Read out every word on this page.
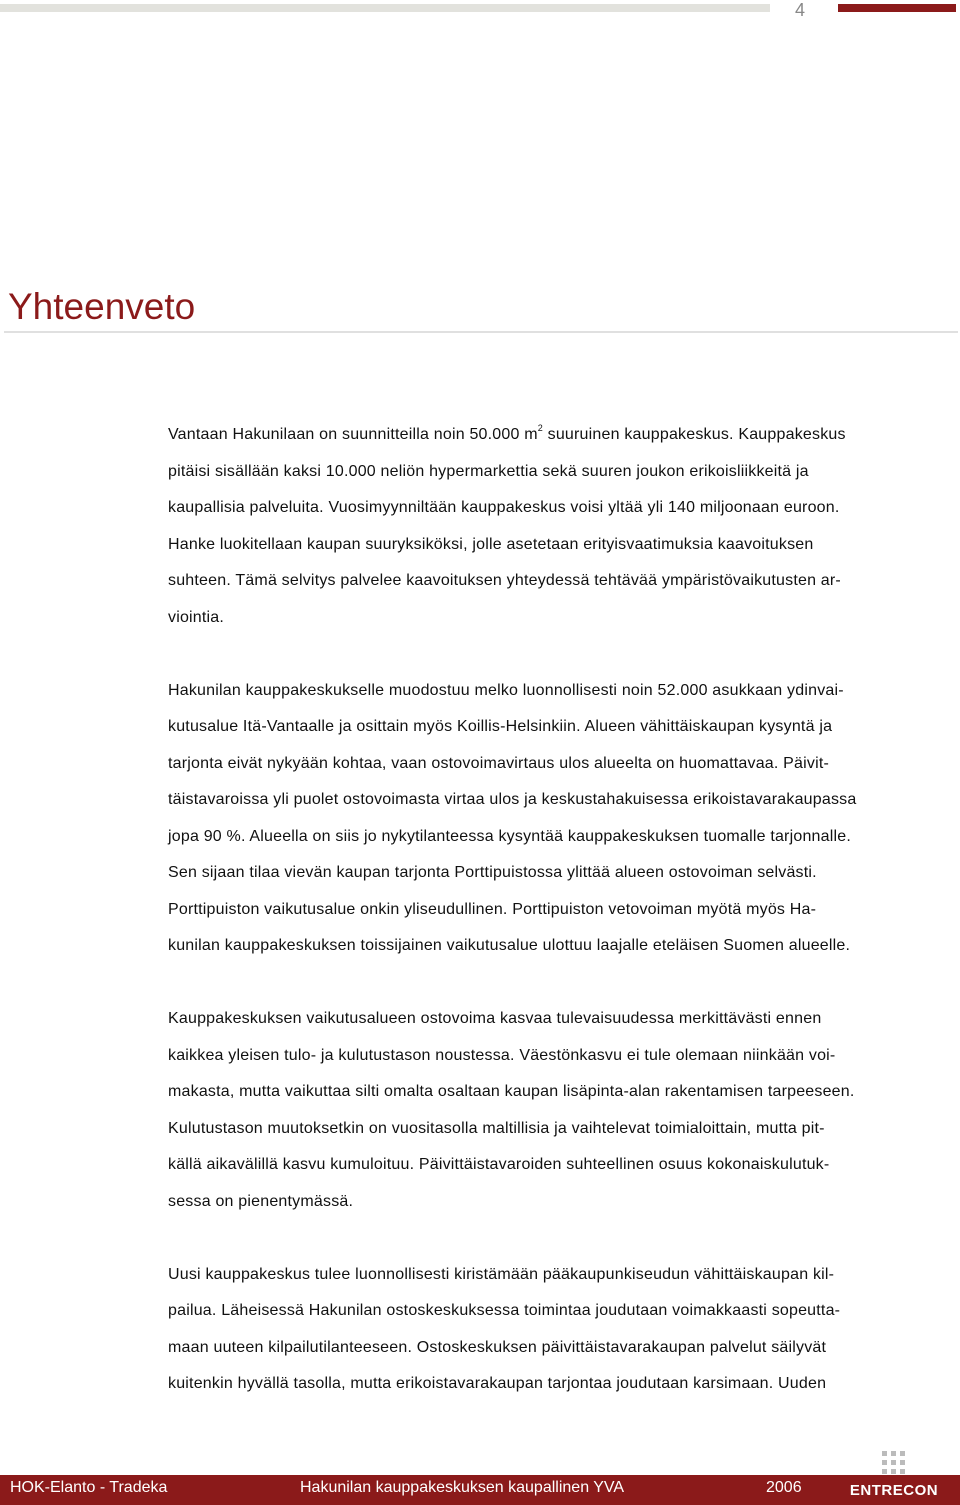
4
Yhteenveto
Vantaan Hakunilaan on suunnitteilla noin 50.000 $m^2$ suuruinen kauppakeskus. Kauppakeskus
pitäisi sisällään kaksi 10.000 neliön hypermarkettia sekä suuren joukon erikoisliikkeitä ja
kaupallisia palveluita. Vuosimyynniltään kauppakeskus voisi yltää yli 140 miljoonaan euroon.
Hanke luokitellaan kaupan suuryksiköksi, jolle asetetaan erityisvaatimuksia kaavoituksen
suhteen. Tämä selvitys palvelee kaavoituksen yhteydessä tehtävää ympäristövaikutusten ar-
viointia.
Hakunilan kauppakeskukselle muodostuu melko luonnollisesti noin 52.000 asukkaan ydinvai-
kutusalue Itä-Vantaalle ja osittain myös Koillis-Helsinkiin. Alueen vähittäiskaupan kysyntä ja
tarjonta eivät nykyään kohtaa, vaan ostovoimavirtaus ulos alueelta on huomattavaa. Päivit-
täistavaroissa yli puolet ostovoimasta virtaa ulos ja keskustahakuisessa erikoistavarakaupassa
jopa 90 %. Alueella on siis jo nykytilanteessa kysyntää kauppakeskuksen tuomalle tarjonnalle.
Sen sijaan tilaa vievän kaupan tarjonta Porttipuistossa ylittää alueen ostovoiman selvästi.
Porttipuiston vaikutusalue onkin yliseudullinen. Porttipuiston vetovoiman myötä myös Ha-
kunilan kauppakeskuksen toissijainen vaikutusalue ulottuu laajalle eteläisen Suomen alueelle.
Kauppakeskuksen vaikutusalueen ostovoima kasvaa tulevaisuudessa merkittävästi ennen
kaikkea yleisen tulo- ja kulutustason noustessa. Väestönkasvu ei tule olemaan niinkään voi-
makasta, mutta vaikuttaa silti omalta osaltaan kaupan lisäpinta-alan rakentamisen tarpeeseen.
Kulutustason muutoksetkin on vuositasolla maltillisia ja vaihtelevat toimialoittain, mutta pit-
källä aikavälillä kasvu kumuloituu. Päivittäistavaroiden suhteellinen osuus kokonaiskulutuk-
sessa on pienentymässä.
Uusi kauppakeskus tulee luonnollisesti kiristämään pääkaupunkiseudun vähittäiskaupan kil-
pailua. Läheisessä Hakunilan ostoskeskuksessa toimintaa joudutaan voimakkaasti sopeutta-
maan uuteen kilpailutilanteeseen. Ostoskeskuksen päivittäistavarakaupan palvelut säilyvät
kuitenkin hyvällä tasolla, mutta erikoistavarakaupan tarjontaa joudutaan karsimaan. Uuden
HOK-Elanto - Tradeka	Hakunilan kauppakeskuksen kaupallinen YVA	2006	ENTRECON
